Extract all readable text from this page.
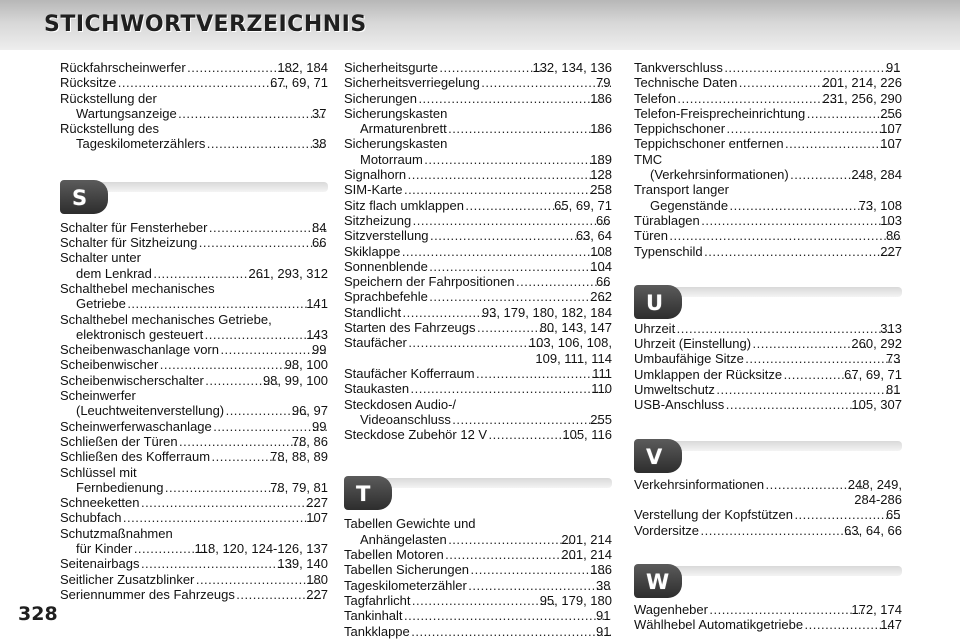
STICHWORTVERZEICHNIS
Rückfahrscheinwerfer .....	182, 184
Rücksitze .....	67, 69, 71
Rückstellung der
Wartungsanzeige .....	37
Rückstellung des
Tageskilometerzählers .....	38
S
Schalter für Fensterheber .....	84
Schalter für Sitzheizung .....	66
Schalter unter
dem Lenkrad .....	261, 293, 312
Schalthebel mechanisches
Getriebe .....	141
Schalthebel mechanisches Getriebe,
elektronisch gesteuert .....	143
Scheibenwaschanlage vorn .....	99
Scheibenwischer .....	98, 100
Scheibenwischerschalter .....	98, 99, 100
Scheinwerfer
(Leuchtweitenverstellung) .....	96, 97
Scheinwerferwaschanlage .....	99
Schließen der Türen .....	78, 86
Schließen des Kofferraum .....	78, 88, 89
Schlüssel mit
Fernbedienung .....	78, 79, 81
Schneeketten .....	227
Schubfach .....	107
Schutzmaßnahmen
für Kinder .....	118, 120, 124-126, 137
Seitenairbags .....	139, 140
Seitlicher Zusatzblinker .....	180
Seriennummer des Fahrzeugs .....	227
Sicherheitsgurte .....	132, 134, 136
Sicherheitsverriegelung .....	79
Sicherungen .....	186
Sicherungskasten
Armaturenbrett .....	186
Sicherungskasten
Motorraum .....	189
Signalhorn .....	128
SIM-Karte .....	258
Sitz flach umklappen .....	65, 69, 71
Sitzheizung .....	66
Sitzverstellung .....	63, 64
Skiklappe .....	108
Sonnenblende .....	104
Speichern der Fahrpositionen .....	66
Sprachbefehle .....	262
Standlicht .....	93, 179, 180, 182, 184
Starten des Fahrzeugs .....	80, 143, 147
Staufächer .....	103, 106, 108,
109, 111, 114
Staufächer Kofferraum .....	111
Staukasten .....	110
Steckdosen Audio-/
Videoanschluss .....	255
Steckdose Zubehör 12 V .....	105, 116
T
Tabellen Gewichte und
Anhängelasten .....	201, 214
Tabellen Motoren .....	201, 214
Tabellen Sicherungen .....	186
Tageskilometerzähler .....	38
Tagfahrlicht .....	95, 179, 180
Tankinhalt .....	91
Tankklappe .....	91
Tankverschluss .....	91
Technische Daten .....	201, 214, 226
Telefon .....	231, 256, 290
Telefon-Freisprecheinrichtung .....	256
Teppichschoner .....	107
Teppichschoner entfernen .....	107
TMC
(Verkehrsinformationen) .....	248, 284
Transport langer
Gegenstände .....	73, 108
Türablagen .....	103
Türen .....	86
Typenschild .....	227
U
Uhrzeit .....	313
Uhrzeit (Einstellung) .....	260, 292
Umbaufähige Sitze .....	73
Umklappen der Rücksitze .....	67, 69, 71
Umweltschutz .....	81
USB-Anschluss .....	105, 307
V
Verkehrsinformationen .....	248, 249,
284-286
Verstellung der Kopfstützen .....	65
Vordersitze .....	63, 64, 66
W
Wagenheber .....	172, 174
Wählhebel Automatikgetriebe .....	147
328
